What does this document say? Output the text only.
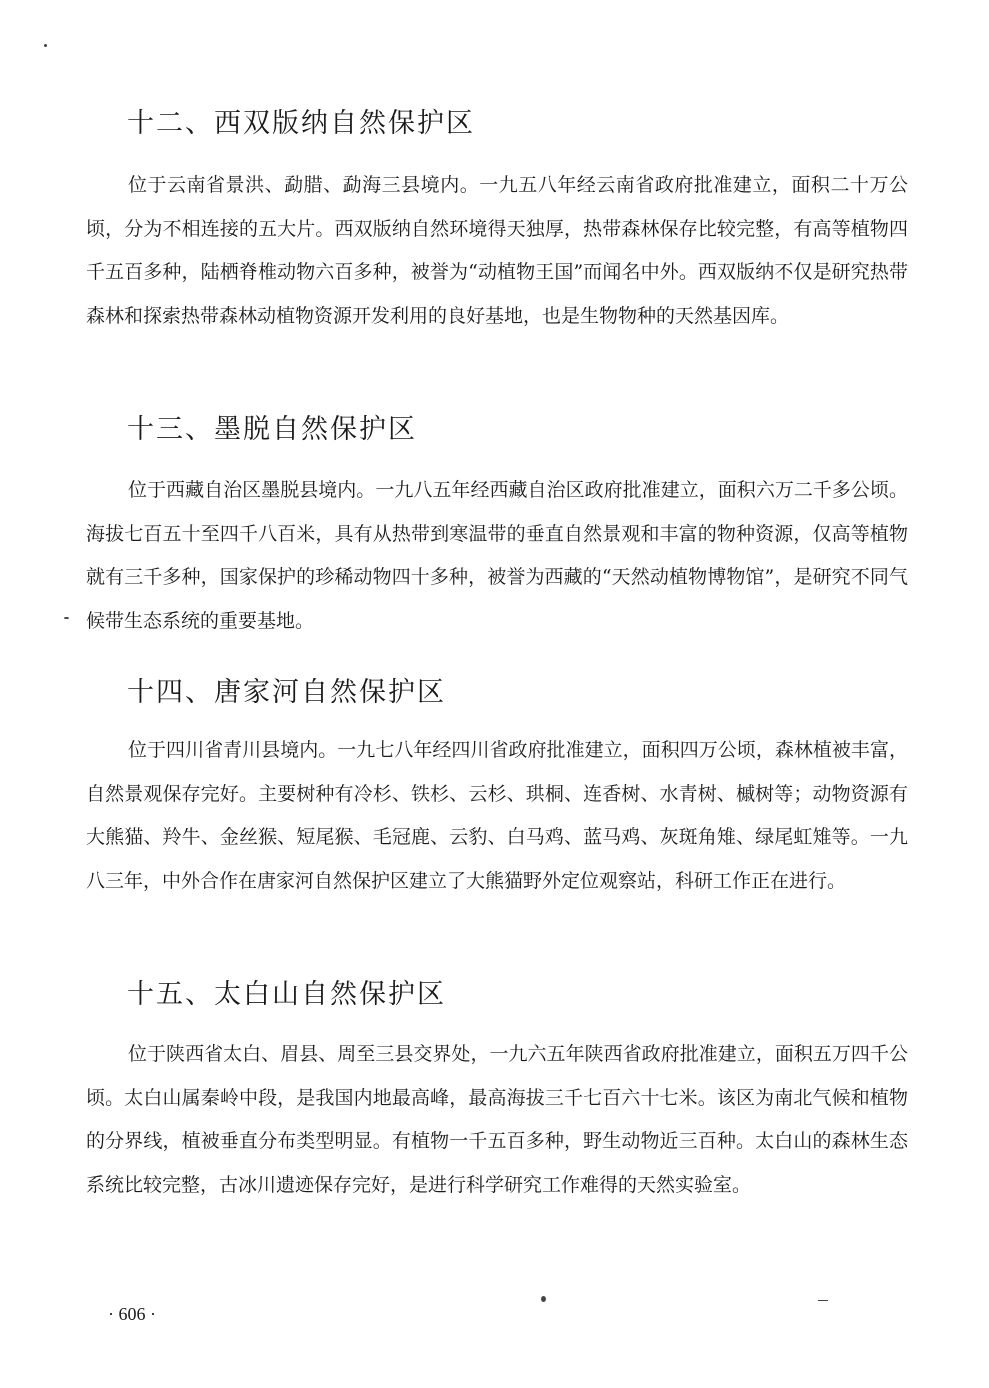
十二、西双版纳自然保护区

位于云南省景洪、勐腊、勐海三县境内。一九五八年经云南省政府批准建立，面积二十万公顷，分为不相连接的五大片。西双版纳自然环境得天独厚，热带森林保存比较完整，有高等植物四千五百多种，陆栖脊椎动物六百多种，被誉为“动植物王国”而闻名中外。西双版纳不仅是研究热带森林和探索热带森林动植物资源开发利用的良好基地，也是生物物种的天然基因库。

十三、墨脱自然保护区

位于西藏自治区墨脱县境内。一九八五年经西藏自治区政府批准建立，面积六万二千多公顷。海拔七百五十至四千八百米，具有从热带到寒温带的垂直自然景观和丰富的物种资源，仅高等植物就有三千多种，国家保护的珍稀动物四十多种，被誉为西藏的“天然动植物博物馆”，是研究不同气候带生态系统的重要基地。

十四、唐家河自然保护区

位于四川省青川县境内。一九七八年经四川省政府批准建立，面积四万公顷，森林植被丰富，自然景观保存完好。主要树种有冷杉、铁杉、云杉、珙桐、连香树、水青树、槭树等；动物资源有大熊猫、羚牛、金丝猴、短尾猴、毛冠鹿、云豹、白马鸡、蓝马鸡、灰斑角雉、绿尾虹雉等。一九八三年，中外合作在唐家河自然保护区建立了大熊猫野外定位观察站，科研工作正在进行。

十五、太白山自然保护区

位于陕西省太白、眉县、周至三县交界处，一九六五年陕西省政府批准建立，面积五万四千公顷。太白山属秦岭中段，是我国内地最高峰，最高海拔三千七百六十七米。该区为南北气候和植物的分界线，植被垂直分布类型明显。有植物一千五百多种，野生动物近三百种。太白山的森林生态系统比较完整，古冰川遗迹保存完好，是进行科学研究工作难得的天然实验室。

· 606 ·
